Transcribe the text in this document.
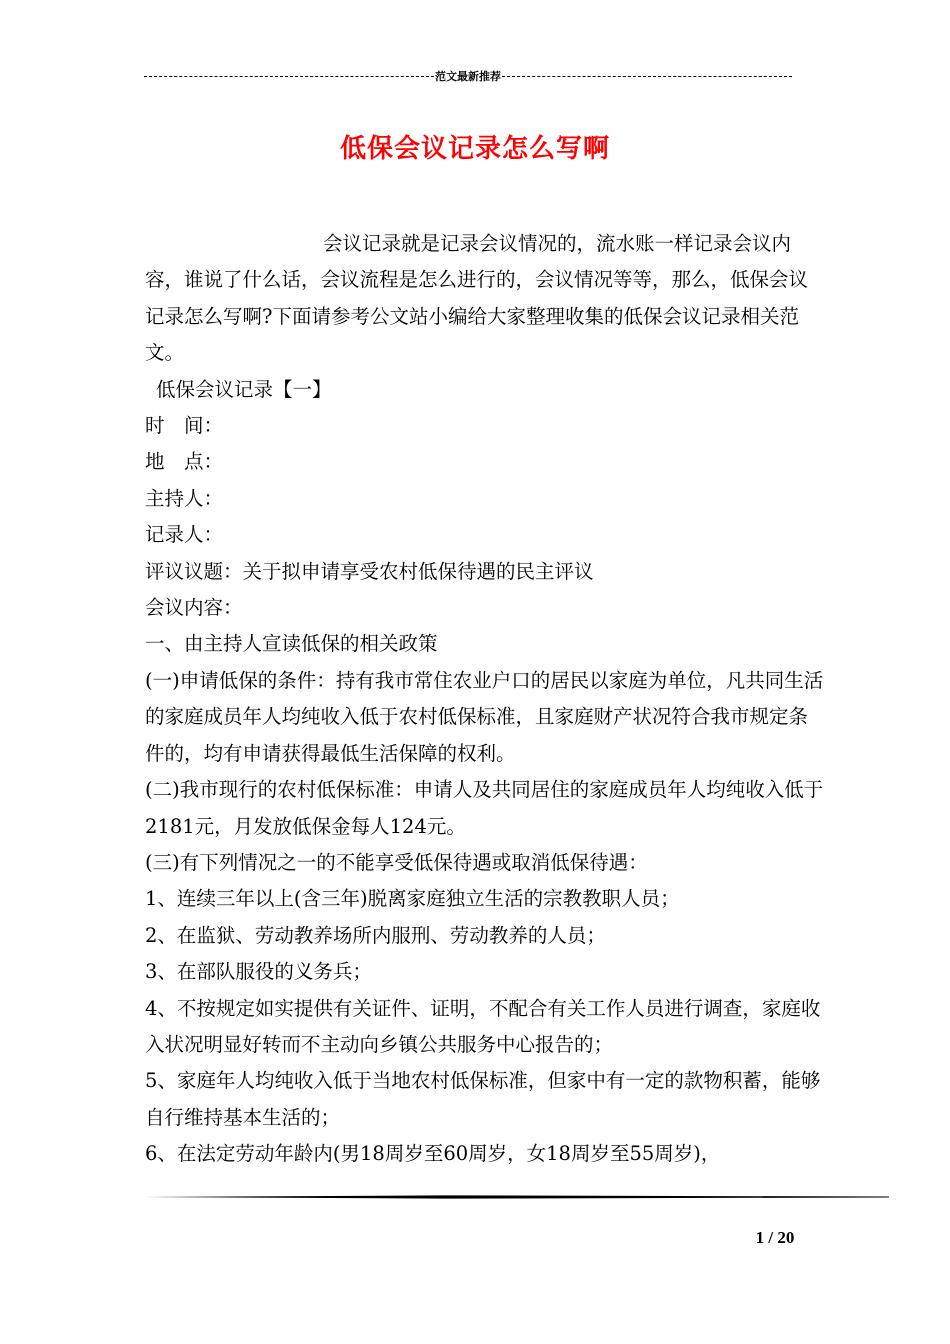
范文最新推荐
低保会议记录怎么写啊

会议记录就是记录会议情况的，流水账一样记录会议内容，谁说了什么话，会议流程是怎么进行的，会议情况等等，那么，低保会议记录怎么写啊?下面请参考公文站小编给大家整理收集的低保会议记录相关范文。

低保会议记录【一】

时　间：

地　点：

主持人：

记录人：

评议议题：关于拟申请享受农村低保待遇的民主评议

会议内容：

一、由主持人宣读低保的相关政策

(一)申请低保的条件：持有我市常住农业户口的居民以家庭为单位，凡共同生活的家庭成员年人均纯收入低于农村低保标准，且家庭财产状况符合我市规定条件的，均有申请获得最低生活保障的权利。

(二)我市现行的农村低保标准：申请人及共同居住的家庭成员年人均纯收入低于2181元，月发放低保金每人124元。

(三)有下列情况之一的不能享受低保待遇或取消低保待遇：

1、连续三年以上(含三年)脱离家庭独立生活的宗教教职人员；

2、在监狱、劳动教养场所内服刑、劳动教养的人员；

3、在部队服役的义务兵；

4、不按规定如实提供有关证件、证明，不配合有关工作人员进行调查，家庭收入状况明显好转而不主动向乡镇公共服务中心报告的；

5、家庭年人均纯收入低于当地农村低保标准，但家中有一定的款物积蓄，能够自行维持基本生活的；

6、在法定劳动年龄内(男18周岁至60周岁，女18周岁至55周岁)，

1 / 20
